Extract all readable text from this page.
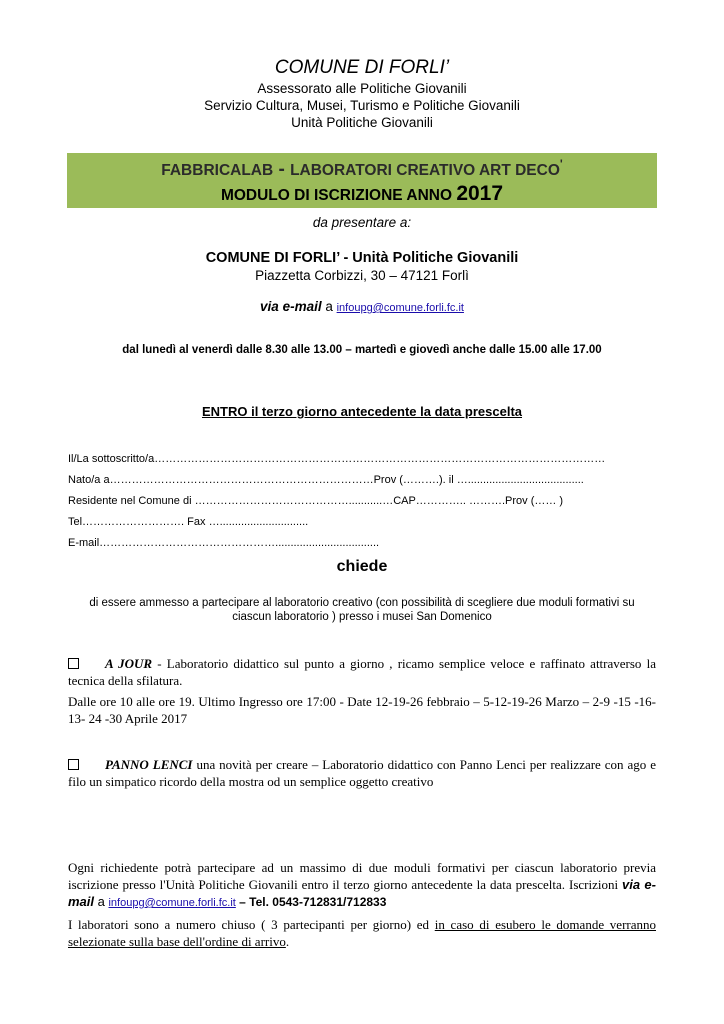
COMUNE DI FORLI’
Assessorato alle Politiche Giovanili
Servizio Cultura, Musei, Turismo e Politiche Giovanili
Unità Politiche Giovanili
FABBRICALAB - LABORATORI CREATIVO ART DECO'
MODULO DI ISCRIZIONE ANNO 2017
da presentare a:
COMUNE DI FORLI’ - Unità Politiche Giovanili
Piazzetta Corbizzi, 30 – 47121 Forlì
via e-mail a infoupg@comune.forli.fc.it
dal lunedì al venerdì dalle 8.30 alle 13.00 – martedì e giovedì anche dalle 15.00 alle 17.00
ENTRO il terzo giorno antecedente la data prescelta
Il/La sottoscritto/a……………………………………………………………………………………………………………
Nato/a a………………………………………………………………Prov (……….). il …......................................
Residente nel Comune di ……………………………………...........…CAP………….. ……….Prov (…… )
Tel………………………. Fax ….............................
E-mail…………………………………………..................................
chiede
di essere ammesso a partecipare al laboratorio creativo (con possibilità di scegliere due moduli formativi su
ciascun laboratorio ) presso i musei San Domenico
A JOUR - Laboratorio didattico sul punto a giorno , ricamo semplice veloce e raffinato attraverso la tecnica della sfilatura.
Dalle ore 10 alle ore 19. Ultimo Ingresso ore 17:00 - Date 12-19-26 febbraio – 5-12-19-26 Marzo – 2-9 -15 -16- 13- 24 -30 Aprile 2017
PANNO LENCI una novità per creare – Laboratorio didattico con Panno Lenci per realizzare con ago e filo un simpatico ricordo della mostra od un semplice oggetto creativo
Ogni richiedente potrà partecipare ad un massimo di due moduli formativi per ciascun laboratorio previa iscrizione presso l'Unità Politiche Giovanili entro il terzo giorno antecedente la data prescelta. Iscrizioni via e-mail a infoupg@comune.forli.fc.it – Tel. 0543-712831/712833
I laboratori sono a numero chiuso ( 3 partecipanti per giorno) ed in caso di esubero le domande verranno selezionate sulla base dell'ordine di arrivo.
